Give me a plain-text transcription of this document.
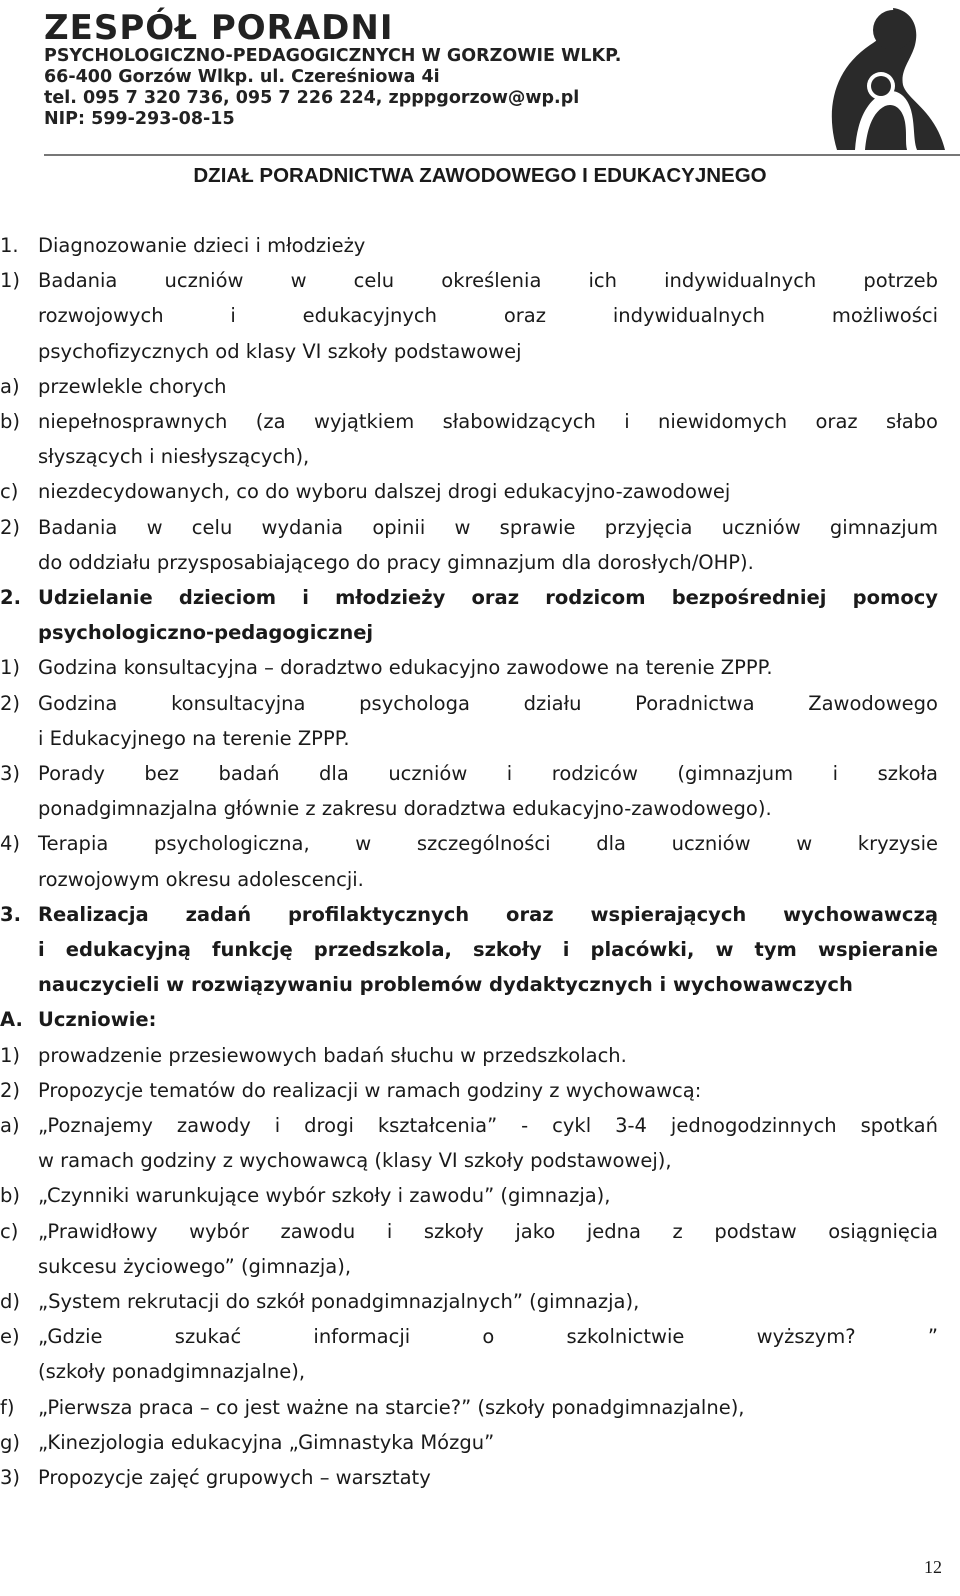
ZESPÓŁ PORADNI
PSYCHOLOGICZNO-PEDAGOGICZNYCH W GORZOWIE WLKP.
66-400 Gorzów Wlkp. ul. Czereśniowa 4i
tel. 095 7 320 736, 095 7 226 224, zpppgorzow@wp.pl
NIP: 599-293-08-15
DZIAŁ PORADNICTWA ZAWODOWEGO I EDUKACYJNEGO
1. Diagnozowanie dzieci i młodzieży
1) Badania uczniów w celu określenia ich indywidualnych potrzeb
rozwojowych i edukacyjnych oraz indywidualnych możliwości
psychofizycznych od klasy VI szkoły podstawowej
a) przewlekle chorych
b) niepełnosprawnych (za wyjątkiem słabowidzących i niewidomych oraz słabo
słyszących i niesłyszących),
c)	niezdecydowanych, co do wyboru dalszej drogi edukacyjno-zawodowej
2) Badania w celu wydania opinii w sprawie przyjęcia uczniów gimnazjum
do oddziału przysposabiającego do pracy gimnazjum dla dorosłych/OHP).
2. Udzielanie dzieciom i młodzieży oraz rodzicom bezpośredniej pomocy
psychologiczno-pedagogicznej
1) Godzina konsultacyjna – doradztwo edukacyjno zawodowe na terenie ZPPP.
2) Godzina konsultacyjna psychologa działu Poradnictwa Zawodowego
i Edukacyjnego na terenie ZPPP.
3) Porady bez badań dla uczniów i rodziców (gimnazjum i szkoła
ponadgimnazjalna głównie z zakresu doradztwa edukacyjno-zawodowego).
4) Terapia psychologiczna, w szczególności dla uczniów w kryzysie
rozwojowym okresu adolescencji.
3. Realizacja zadań profilaktycznych oraz wspierających wychowawczą
i edukacyjną funkcję przedszkola, szkoły i placówki, w tym wspieranie
nauczycieli w rozwiązywaniu problemów dydaktycznych i wychowawczych
A. Uczniowie:
1) prowadzenie przesiewowych badań słuchu w przedszkolach.
2) Propozycje tematów do realizacji w ramach godziny z wychowawcą:
a) „Poznajemy zawody i drogi kształcenia” - cykl 3-4 jednogodzinnych spotkań
w ramach godziny z wychowawcą (klasy VI szkoły podstawowej),
b) „Czynniki warunkujące wybór szkoły i zawodu” (gimnazja),
c)	„Prawidłowy wybór zawodu i szkoły jako jedna z podstaw osiągnięcia
sukcesu życiowego” (gimnazja),
d) „System rekrutacji do szkół ponadgimnazjalnych” (gimnazja),
e) „Gdzie szukać informacji o szkolnictwie wyższym? ”
(szkoły ponadgimnazjalne),
f)	„Pierwsza praca – co jest ważne na starcie?” (szkoły ponadgimnazjalne),
g) „Kinezjologia edukacyjna „Gimnastyka Mózgu”
3) Propozycje zajęć grupowych – warsztaty
12
